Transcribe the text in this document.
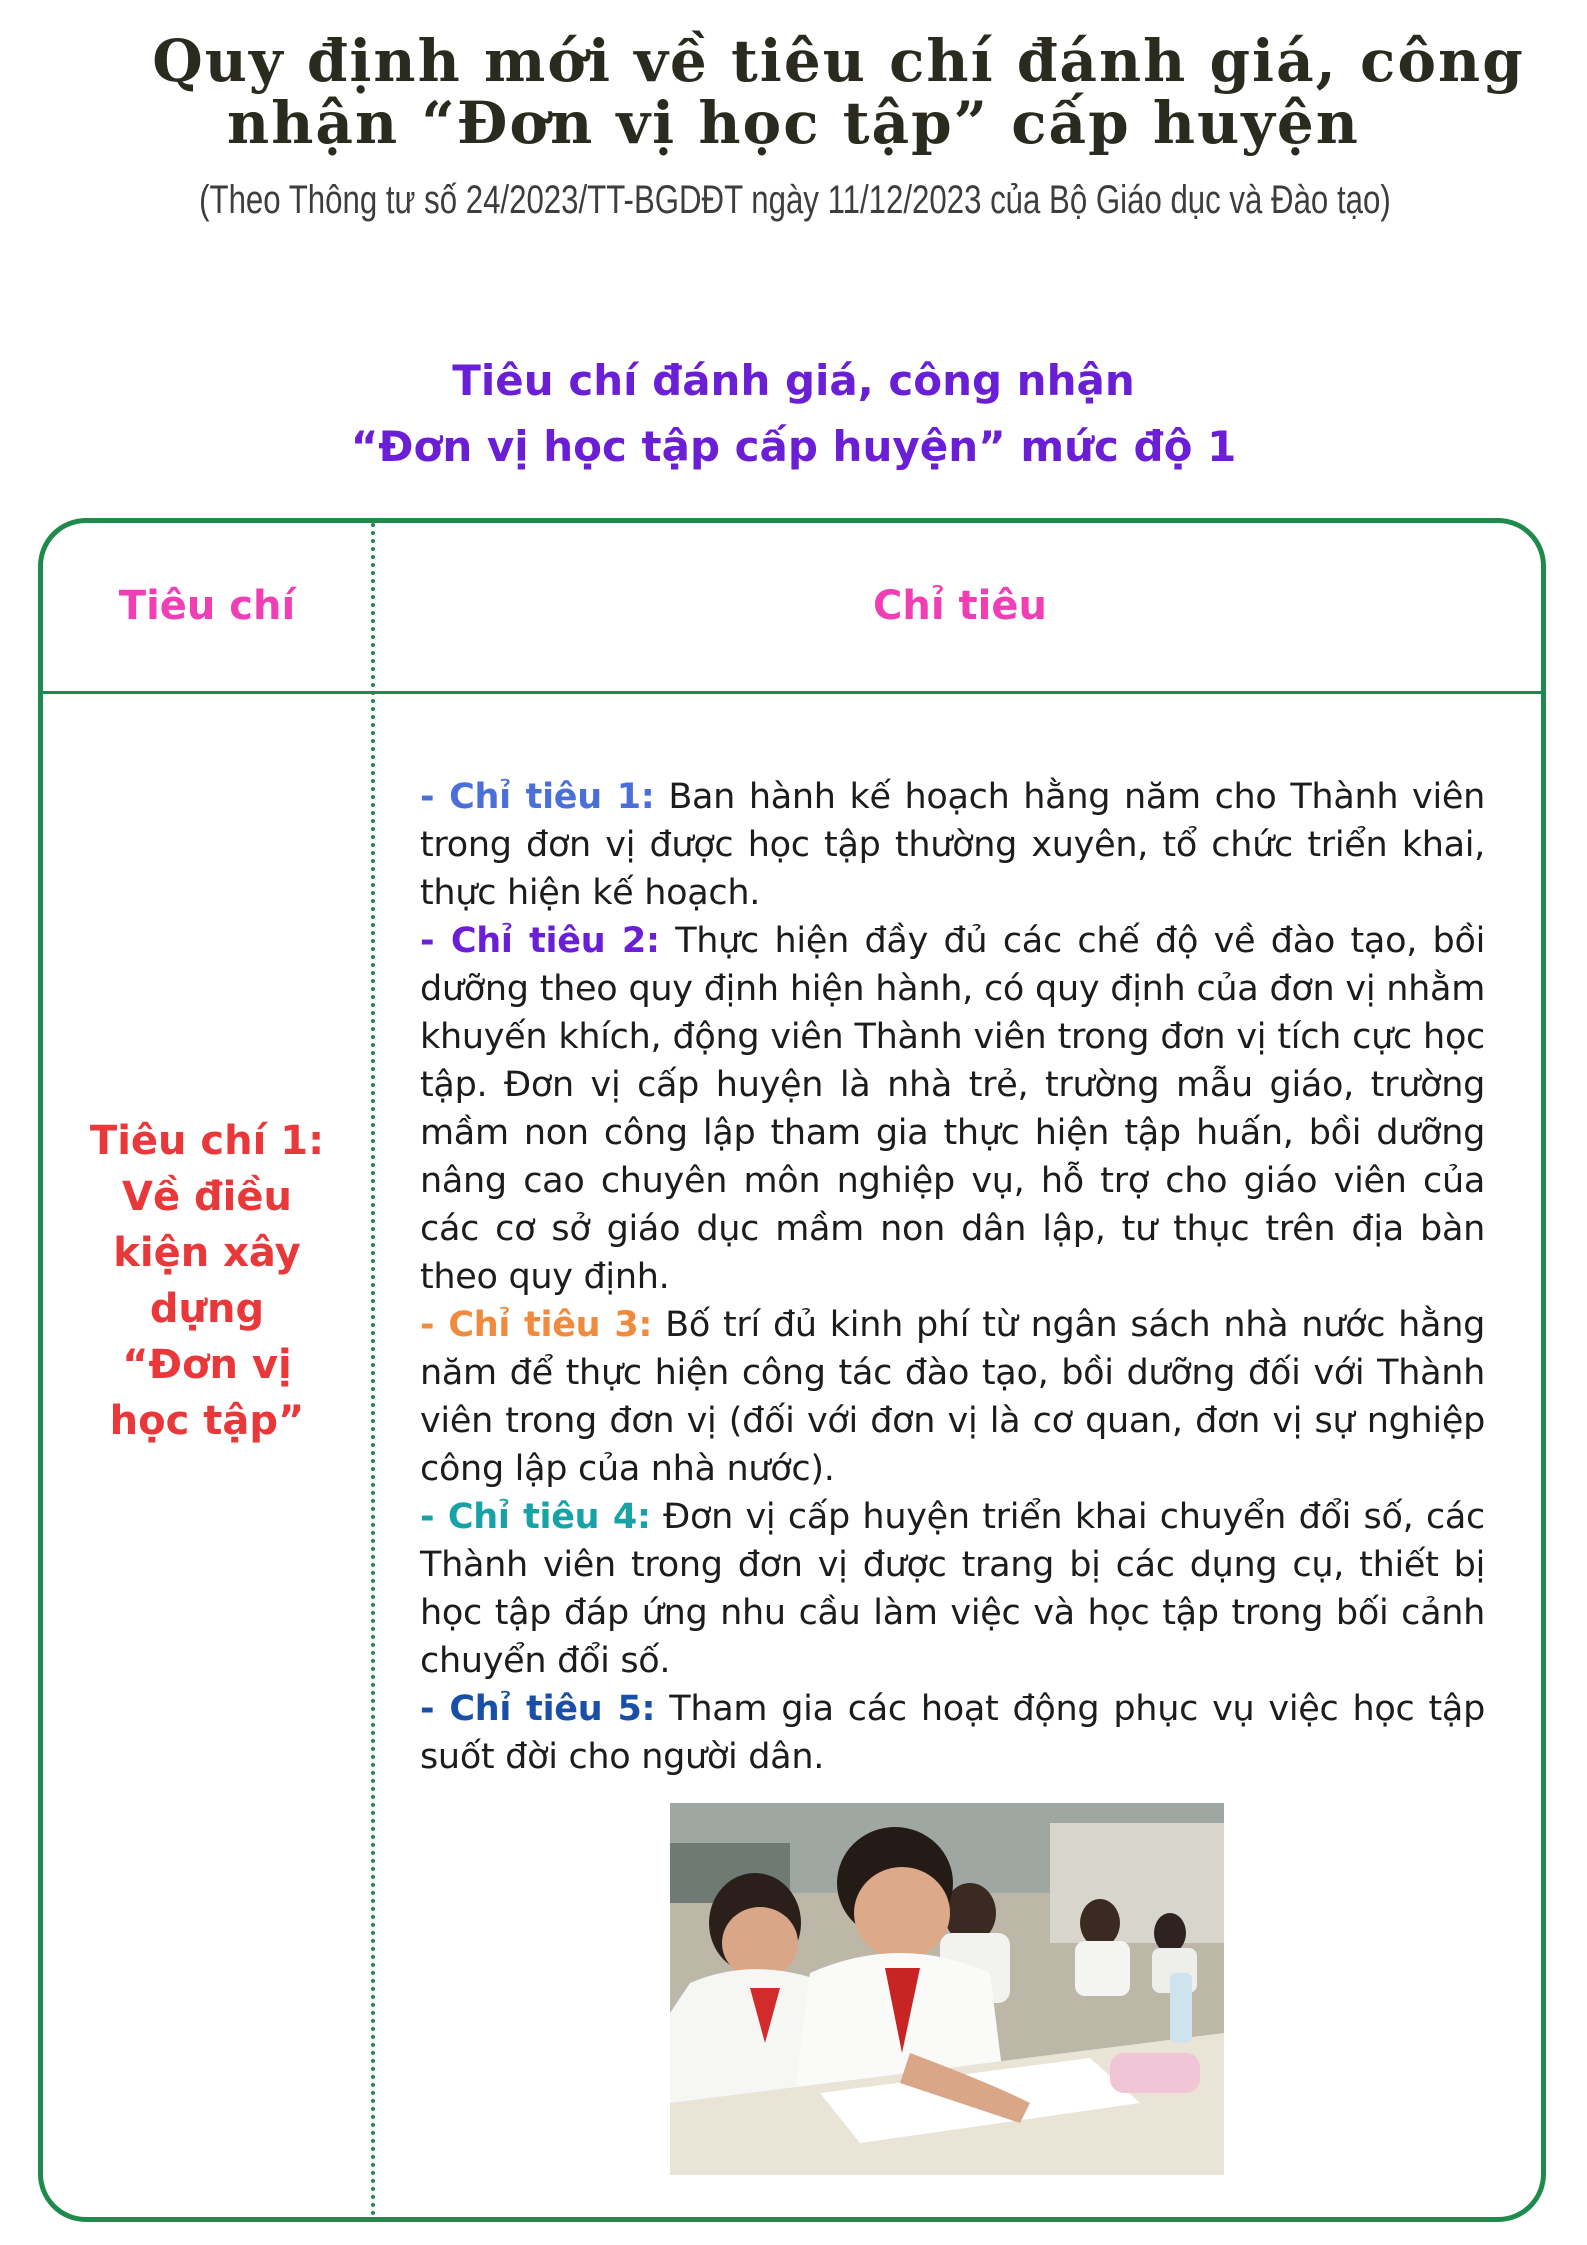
Quy định mới về tiêu chí đánh giá, công
nhận “Đơn vị học tập” cấp huyện
(Theo Thông tư số 24/2023/TT-BGDĐT ngày 11/12/2023 của Bộ Giáo dục và Đào tạo)
Tiêu chí đánh giá, công nhận
“Đơn vị học tập cấp huyện” mức độ 1
Tiêu chí	Chỉ tiêu
Tiêu chí 1:
Về điều
kiện xây
dựng
“Đơn vị
học tập”

- Chỉ tiêu 1: Ban hành kế hoạch hằng năm cho Thành viên trong đơn vị được học tập thường xuyên, tổ chức triển khai, thực hiện kế hoạch.

- Chỉ tiêu 2: Thực hiện đầy đủ các chế độ về đào tạo, bồi dưỡng theo quy định hiện hành, có quy định của đơn vị nhằm khuyến khích, động viên Thành viên trong đơn vị tích cực học tập. Đơn vị cấp huyện là nhà trẻ, trường mẫu giáo, trường mầm non công lập tham gia thực hiện tập huấn, bồi dưỡng nâng cao chuyên môn nghiệp vụ, hỗ trợ cho giáo viên của các cơ sở giáo dục mầm non dân lập, tư thục trên địa bàn theo quy định.

- Chỉ tiêu 3: Bố trí đủ kinh phí từ ngân sách nhà nước hằng năm để thực hiện công tác đào tạo, bồi dưỡng đối với Thành viên trong đơn vị (đối với đơn vị là cơ quan, đơn vị sự nghiệp công lập của nhà nước).

- Chỉ tiêu 4: Đơn vị cấp huyện triển khai chuyển đổi số, các Thành viên trong đơn vị được trang bị các dụng cụ, thiết bị học tập đáp ứng nhu cầu làm việc và học tập trong bối cảnh chuyển đổi số.

- Chỉ tiêu 5: Tham gia các hoạt động phục vụ việc học tập suốt đời cho người dân.
